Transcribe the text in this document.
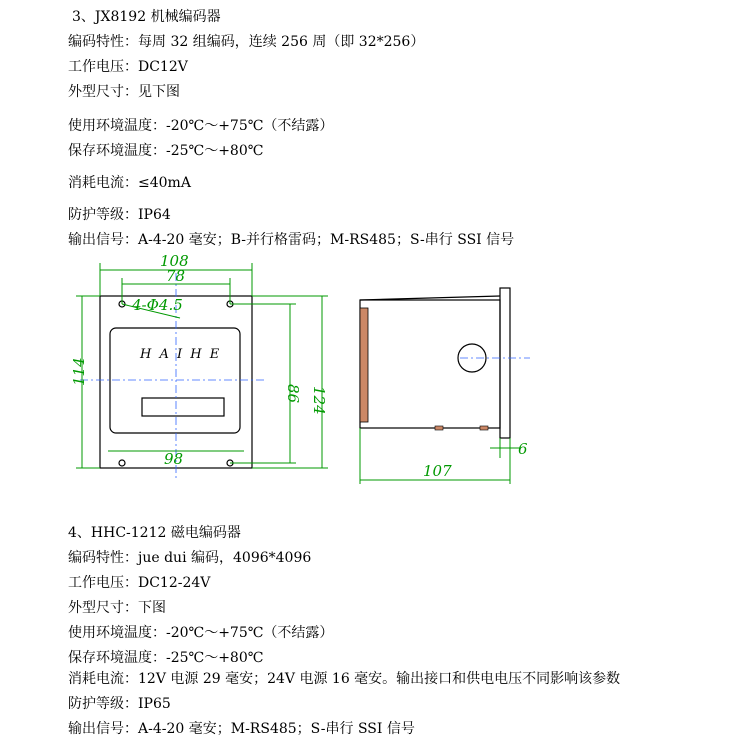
3、JX8192 机械编码器
编码特性：每周 32 组编码，连续 256 周（即 32*256）
工作电压：DC12V
外型尺寸：见下图
使用环境温度：-20℃～+75℃（不结露）
保存环境温度：-25℃～+80℃
消耗电流：≤40mA
防护等级：IP64
输出信号：A-4-20 毫安；B-并行格雷码；M-RS485；S-串行 SSI 信号
H A I H E
108
78
4-Φ4.5
114
86 124
98
6
107
4、HHC-1212 磁电编码器
编码特性：jue dui 编码，4096*4096
工作电压：DC12-24V
外型尺寸：下图
使用环境温度：-20℃～+75℃（不结露）
保存环境温度：-25℃～+80℃
消耗电流：12V 电源 29 毫安；24V 电源 16 毫安。输出接口和供电电压不同影响该参数
防护等级：IP65
输出信号：A-4-20 毫安；M-RS485；S-串行 SSI 信号
